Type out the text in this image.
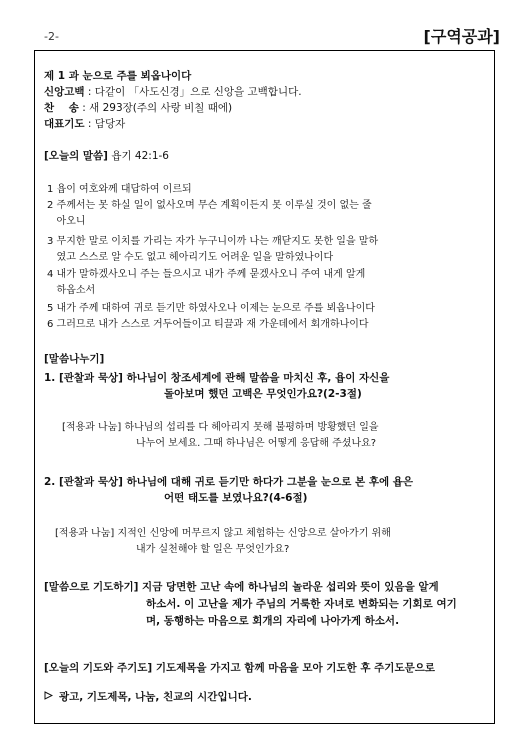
-2-	[구역공과]
제 1 과 눈으로 주를 뵈옵나이다
신앙고백 : 다같이 「사도신경」으로 신앙을 고백합니다.
찬    송 : 새 293장(주의 사랑 비칠 때에)
대표기도 : 담당자
[오늘의 말씀] 욥기 42:1-6
1 욥이 여호와께 대답하여 이르되
2 주께서는 못 하실 일이 없사오며 무슨 계획이든지 못 이루실 것이 없는 줄
아오니
3 무지한 말로 이치를 가리는 자가 누구니이까 나는 깨닫지도 못한 일을 말하
였고 스스로 알 수도 없고 헤아리기도 어려운 일을 말하였나이다
4 내가 말하겠사오니 주는 들으시고 내가 주께 묻겠사오니 주여 내게 알게
하옵소서
5 내가 주께 대하여 귀로 듣기만 하였사오나 이제는 눈으로 주를 뵈옵나이다
6 그러므로 내가 스스로 거두어들이고 티끌과 재 가운데에서 회개하나이다
[말씀나누기]
1. [관찰과 묵상] 하나님이 창조세계에 관해 말씀을 마치신 후, 욥이 자신을
돌아보며 했던 고백은 무엇인가요?(2-3절)
[적용과 나눔] 하나님의 섭리를 다 헤아리지 못해 불평하며 방황했던 일을
나누어 보세요. 그때 하나님은 어떻게 응답해 주셨나요?
2. [관찰과 묵상] 하나님에 대해 귀로 듣기만 하다가 그분을 눈으로 본 후에 욥은
어떤 태도를 보였나요?(4-6절)
[적용과 나눔] 지적인 신앙에 머무르지 않고 체험하는 신앙으로 살아가기 위해
내가 실천해야 할 일은 무엇인가요?
[말씀으로 기도하기] 지금 당면한 고난 속에 하나님의 놀라운 섭리와 뜻이 있음을 알게
하소서. 이 고난을 제가 주님의 거룩한 자녀로 변화되는 기회로 여기
며, 동행하는 마음으로 회개의 자리에 나아가게 하소서.
[오늘의 기도와 주기도] 기도제목을 가지고 함께 마음을 모아 기도한 후 주기도문으로
광고, 기도제목, 나눔, 친교의 시간입니다.
